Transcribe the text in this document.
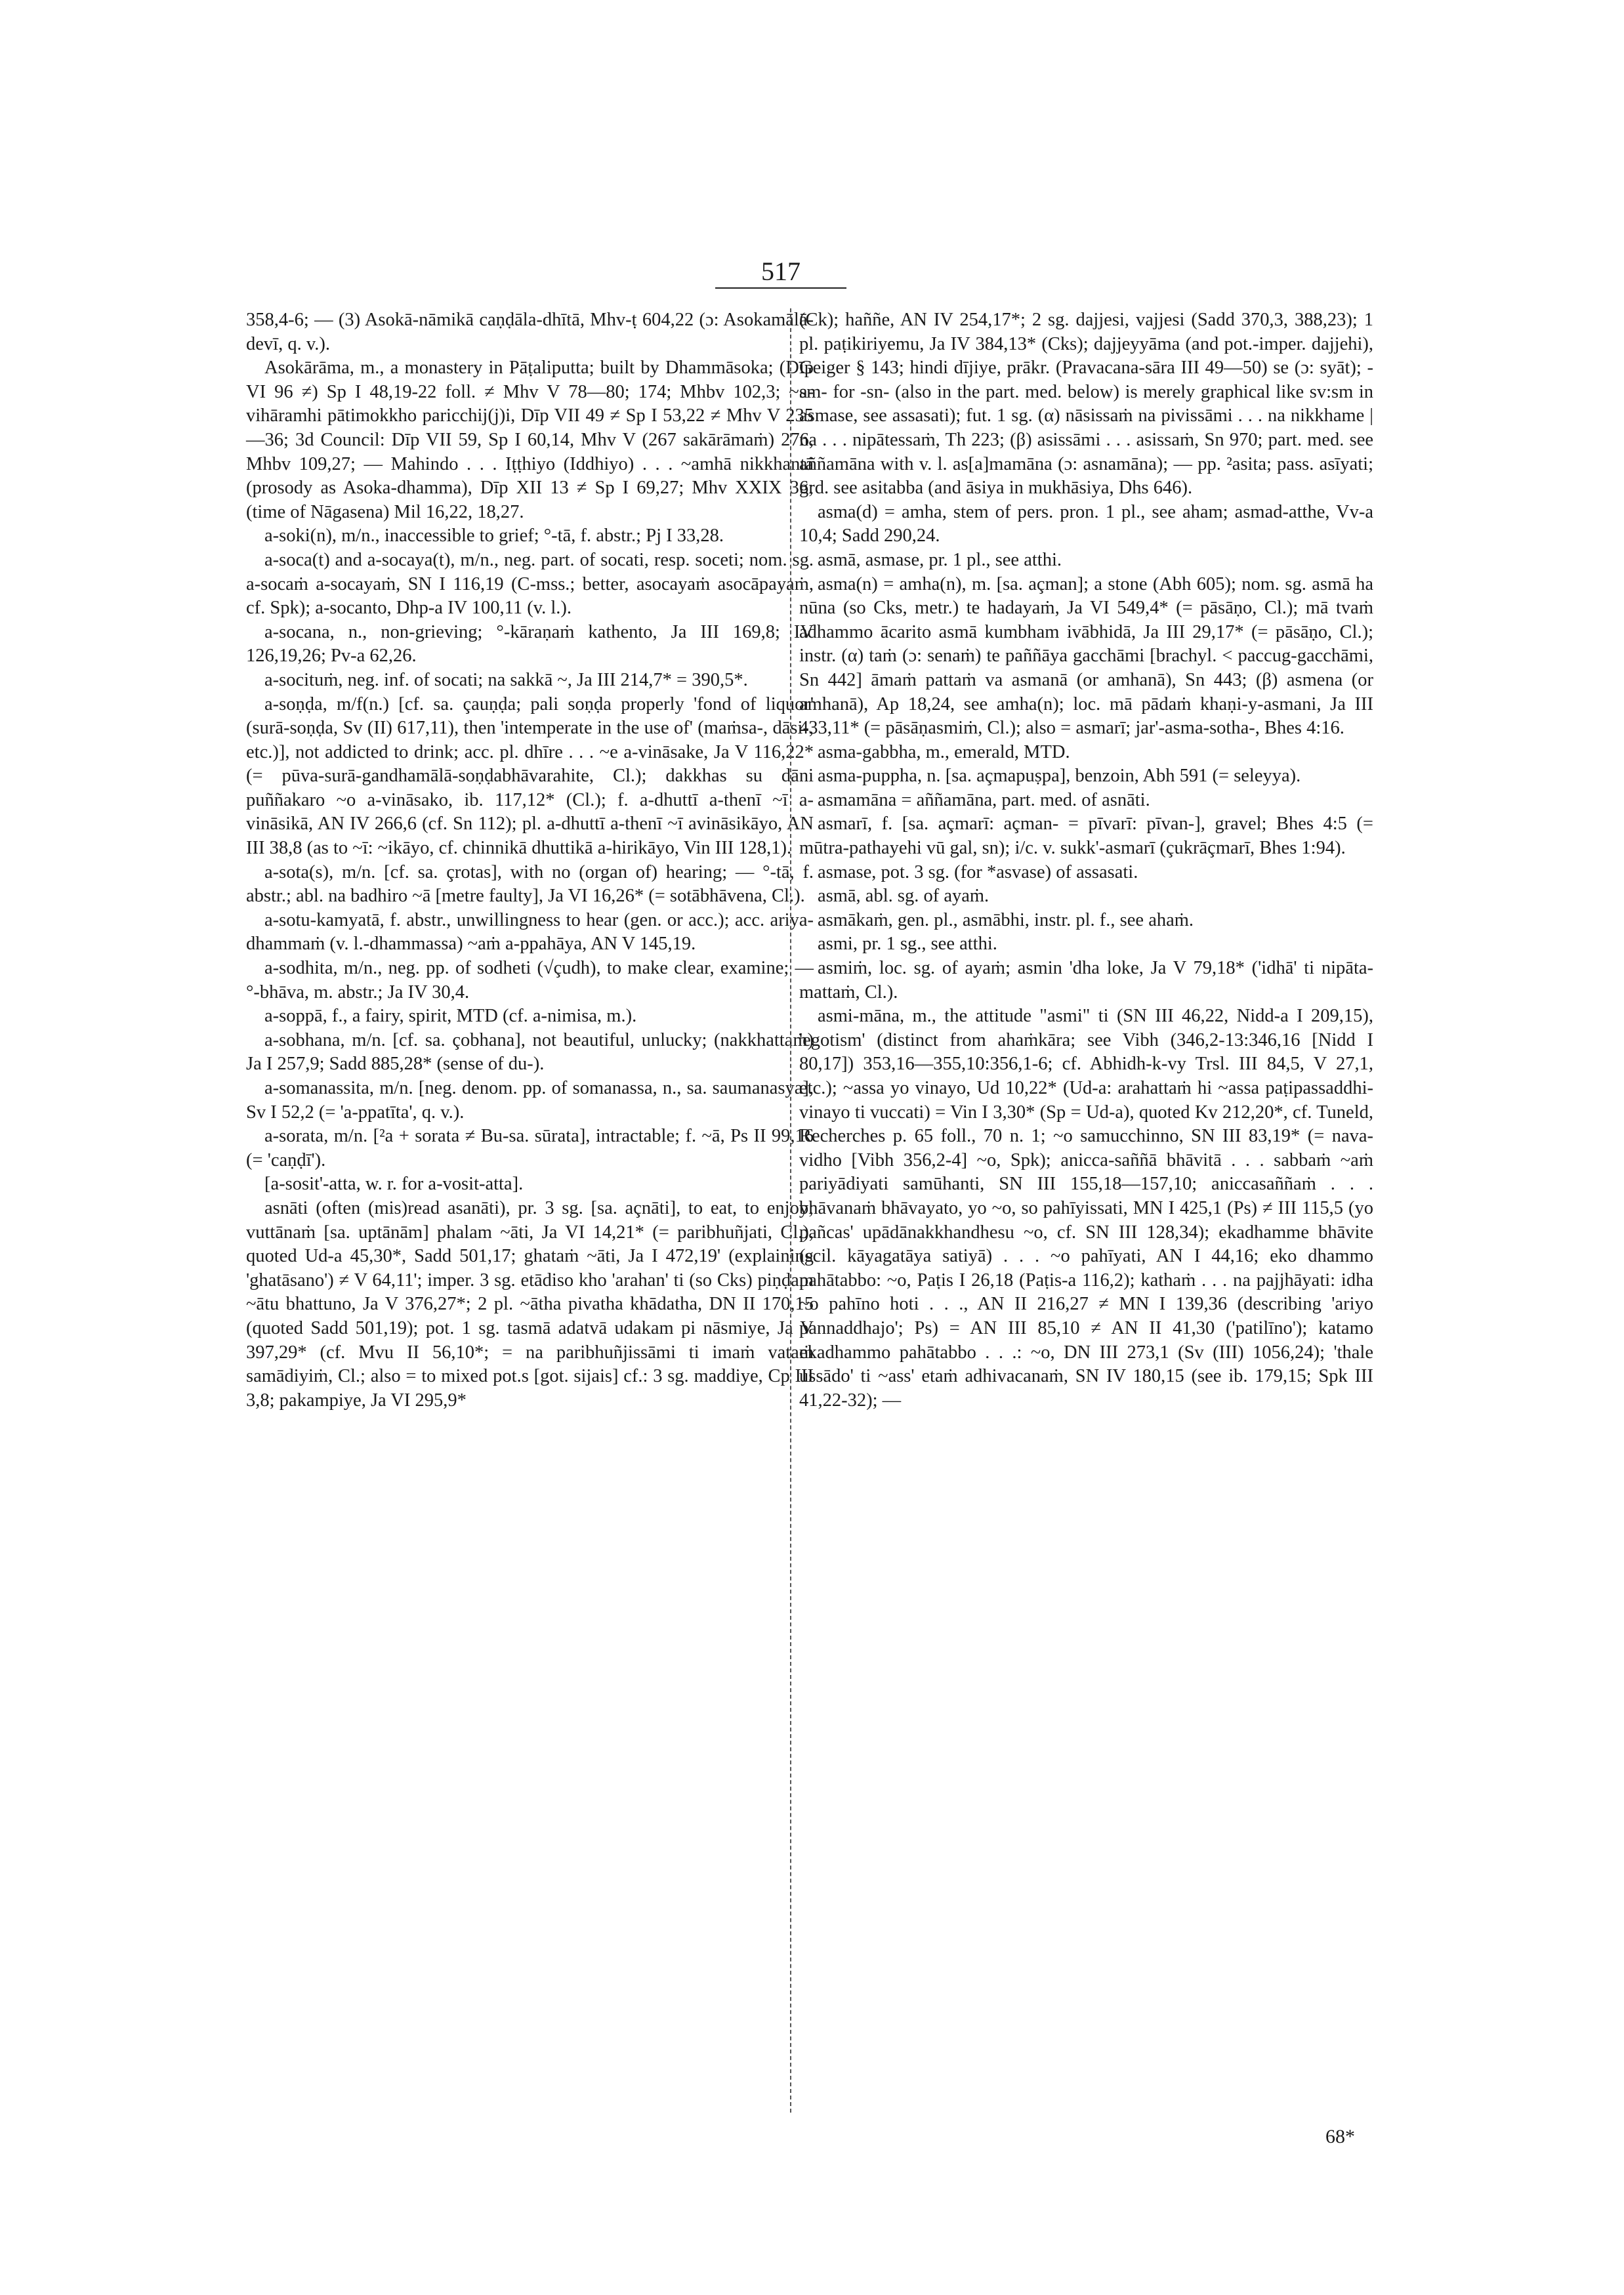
517

358,4-6; — (3) Asokā-nāmikā caṇḍāla-dhītā, Mhv-ṭ 604,22 (ɔ: Asokamālā-devī, q. v.).

Asokārāma, m., a monastery in Pāṭaliputta; built by Dhammāsoka; (Dīp VI 96 ≠) Sp I 48,19-22 foll. ≠ Mhv V 78—80; 174; Mhbv 102,3; ~a-vihāramhi pātimokkho paricchij(j)i, Dīp VII 49 ≠ Sp I 53,22 ≠ Mhv V 235—36; 3d Council: Dīp VII 59, Sp I 60,14, Mhv V (267 sakārāmaṁ) 276, Mhbv 109,27; — Mahindo . . . Iṭṭhiyo (Iddhiyo) . . . ~amhā nikkhantā (prosody as Asoka-dhamma), Dīp XII 13 ≠ Sp I 69,27; Mhv XXIX 36; (time of Nāgasena) Mil 16,22, 18,27.

a-soki(n), m/n., inaccessible to grief; °-tā, f. abstr.; Pj I 33,28.

a-soca(t) and a-socaya(t), m/n., neg. part. of socati, resp. soceti; nom. sg. a-socaṁ a-socayaṁ, SN I 116,19 (C-mss.; better, asocayaṁ asocāpayaṁ, cf. Spk); a-socanto, Dhp-a IV 100,11 (v. l.).

a-socana, n., non-grieving; °-kāraṇaṁ kathento, Ja III 169,8; IV 126,19,26; Pv-a 62,26.

a-socituṁ, neg. inf. of socati; na sakkā ~, Ja III 214,7* = 390,5*.

a-soṇḍa, m/f(n.) [cf. sa. çauṇḍa; pali soṇḍa properly 'fond of liquor' (surā-soṇḍa, Sv (II) 617,11), then 'intemperate in the use of' (maṁsa-, dāsi-, etc.)], not addicted to drink; acc. pl. dhīre . . . ~e a-vināsake, Ja V 116,22* (= pūva-surā-gandhamālā-soṇḍabhāvarahite, Cl.); dakkhas su dāni puññakaro ~o a-vināsako, ib. 117,12* (Cl.); f. a-dhuttī a-thenī ~ī a-vināsikā, AN IV 266,6 (cf. Sn 112); pl. a-dhuttī a-thenī ~ī avināsikāyo, AN III 38,8 (as to ~ī: ~ikāyo, cf. chinnikā dhuttikā a-hirikāyo, Vin III 128,1).

a-sota(s), m/n. [cf. sa. çrotas], with no (organ of) hearing; — °-tā, f. abstr.; abl. na badhiro ~ā [metre faulty], Ja VI 16,26* (= sotābhāvena, Cl.).

a-sotu-kamyatā, f. abstr., unwillingness to hear (gen. or acc.); acc. ariya-dhammaṁ (v. l.-dhammassa) ~aṁ a-ppahāya, AN V 145,19.

a-sodhita, m/n., neg. pp. of sodheti (√çudh), to make clear, examine; — °-bhāva, m. abstr.; Ja IV 30,4.

a-soppā, f., a fairy, spirit, MTD (cf. a-nimisa, m.).

a-sobhana, m/n. [cf. sa. çobhana], not beautiful, unlucky; (nakkhattaṁ) Ja I 257,9; Sadd 885,28* (sense of du-).

a-somanassita, m/n. [neg. denom. pp. of somanassa, n., sa. saumanasya], Sv I 52,2 (= 'a-ppatīta', q. v.).

a-sorata, m/n. [²a + sorata ≠ Bu-sa. sūrata], intractable; f. ~ā, Ps II 99,16 (= 'caṇḍī').

[a-sosit'-atta, w. r. for a-vosit-atta].

asnāti (often (mis)read asanāti), pr. 3 sg. [sa. açnāti], to eat, to enjoy; vuttānaṁ [sa. uptānām] phalam ~āti, Ja VI 14,21* (= paribhuñjati, Cl.), quoted Ud-a 45,30*, Sadd 501,17; ghataṁ ~āti, Ja I 472,19' (explaining 'ghatāsano') ≠ V 64,11'; imper. 3 sg. etādiso kho 'arahan' ti (so Cks) piṇḍam ~ātu bhattuno, Ja V 376,27*; 2 pl. ~ātha pivatha khādatha, DN II 170,15 (quoted Sadd 501,19); pot. 1 sg. tasmā adatvā udakam pi nāsmiye, Ja V 397,29* (cf. Mvu II 56,10*; = na paribhuñjissāmi ti imaṁ vataṁ samādiyiṁ, Cl.; also = to mixed pot.s [got. sijais] cf.: 3 sg. maddiye, Cp III 3,8; pakampiye, Ja VI 295,9*

(Ck); haññe, AN IV 254,17*; 2 sg. dajjesi, vajjesi (Sadd 370,3, 388,23); 1 pl. paṭikiriyemu, Ja IV 384,13* (Cks); dajjeyyāma (and pot.-imper. dajjehi), Geiger § 143; hindi dījiye, prākr. (Pravacana-sāra III 49—50) se (ɔ: syāt); -sm- for -sn- (also in the part. med. below) is merely graphical like sv:sm in asmase, see assasati); fut. 1 sg. (α) nāsissaṁ na pivissāmi . . . na nikkhame | na . . . nipātessaṁ, Th 223; (β) asissāmi . . . asissaṁ, Sn 970; part. med. see aññamāna with v. l. as[a]mamāna (ɔ: asnamāna); — pp. ²asita; pass. asīyati; grd. see asitabba (and āsiya in mukhāsiya, Dhs 646).

asma(d) = amha, stem of pers. pron. 1 pl., see aham; asmad-atthe, Vv-a 10,4; Sadd 290,24.

asmā, asmase, pr. 1 pl., see atthi.

asma(n) = amha(n), m. [sa. açman]; a stone (Abh 605); nom. sg. asmā ha nūna (so Cks, metr.) te hadayaṁ, Ja VI 549,4* (= pāsāṇo, Cl.); mā tvaṁ adhammo ācarito asmā kumbham ivābhidā, Ja III 29,17* (= pāsāṇo, Cl.); instr. (α) taṁ (ɔ: senaṁ) te paññāya gacchāmi [brachyl. < paccug-gacchāmi, Sn 442] āmaṁ pattaṁ va asmanā (or amhanā), Sn 443; (β) asmena (or amhanā), Ap 18,24, see amha(n); loc. mā pādaṁ khaṇi-y-asmani, Ja III 433,11* (= pāsāṇasmiṁ, Cl.); also = asmarī; jar'-asma-sotha-, Bhes 4:16.

asma-gabbha, m., emerald, MTD.

asma-puppha, n. [sa. açmapuṣpa], benzoin, Abh 591 (= seleyya).

asmamāna = aññamāna, part. med. of asnāti.

asmarī, f. [sa. açmarī: açman- = pīvarī: pīvan-], gravel; Bhes 4:5 (= mūtra-pathayehi vū gal, sn); i/c. v. sukk'-asmarī (çukrāçmarī, Bhes 1:94).

asmase, pot. 3 sg. (for *asvase) of assasati.

asmā, abl. sg. of ayaṁ.

asmākaṁ, gen. pl., asmābhi, instr. pl. f., see ahaṁ.

asmi, pr. 1 sg., see atthi.

asmiṁ, loc. sg. of ayaṁ; asmin 'dha loke, Ja V 79,18* ('idhā' ti nipāta-mattaṁ, Cl.).

asmi-māna, m., the attitude "asmi" ti (SN III 46,22, Nidd-a I 209,15), 'egotism' (distinct from ahaṁkāra; see Vibh (346,2-13:346,16 [Nidd I 80,17]) 353,16—355,10:356,1-6; cf. Abhidh-k-vy Trsl. III 84,5, V 27,1, etc.); ~assa yo vinayo, Ud 10,22* (Ud-a: arahattaṁ hi ~assa paṭipassaddhi-vinayo ti vuccati) = Vin I 3,30* (Sp = Ud-a), quoted Kv 212,20*, cf. Tuneld, Recherches p. 65 foll., 70 n. 1; ~o samucchinno, SN III 83,19* (= nava-vidho [Vibh 356,2-4] ~o, Spk); anicca-saññā bhāvitā . . . sabbaṁ ~aṁ pariyādiyati samūhanti, SN III 155,18—157,10; aniccasaññaṁ . . . bhāvanaṁ bhāvayato, yo ~o, so pahīyissati, MN I 425,1 (Ps) ≠ III 115,5 (yo pañcas' upādānakkhandhesu ~o, cf. SN III 128,34); ekadhamme bhāvite (scil. kāyagatāya satiyā) . . . ~o pahīyati, AN I 44,16; eko dhammo pahātabbo: ~o, Paṭis I 26,18 (Paṭis-a 116,2); kathaṁ . . . na pajjhāyati: idha ~o pahīno hoti . . ., AN II 216,27 ≠ MN I 139,36 (describing 'ariyo pannaddhajo'; Ps) = AN III 85,10 ≠ AN II 41,30 ('patilīno'); katamo ekadhammo pahātabbo . . .: ~o, DN III 273,1 (Sv (III) 1056,24); 'thale ussādo' ti ~ass' etaṁ adhivacanaṁ, SN IV 180,15 (see ib. 179,15; Spk III 41,22-32); —

68*
